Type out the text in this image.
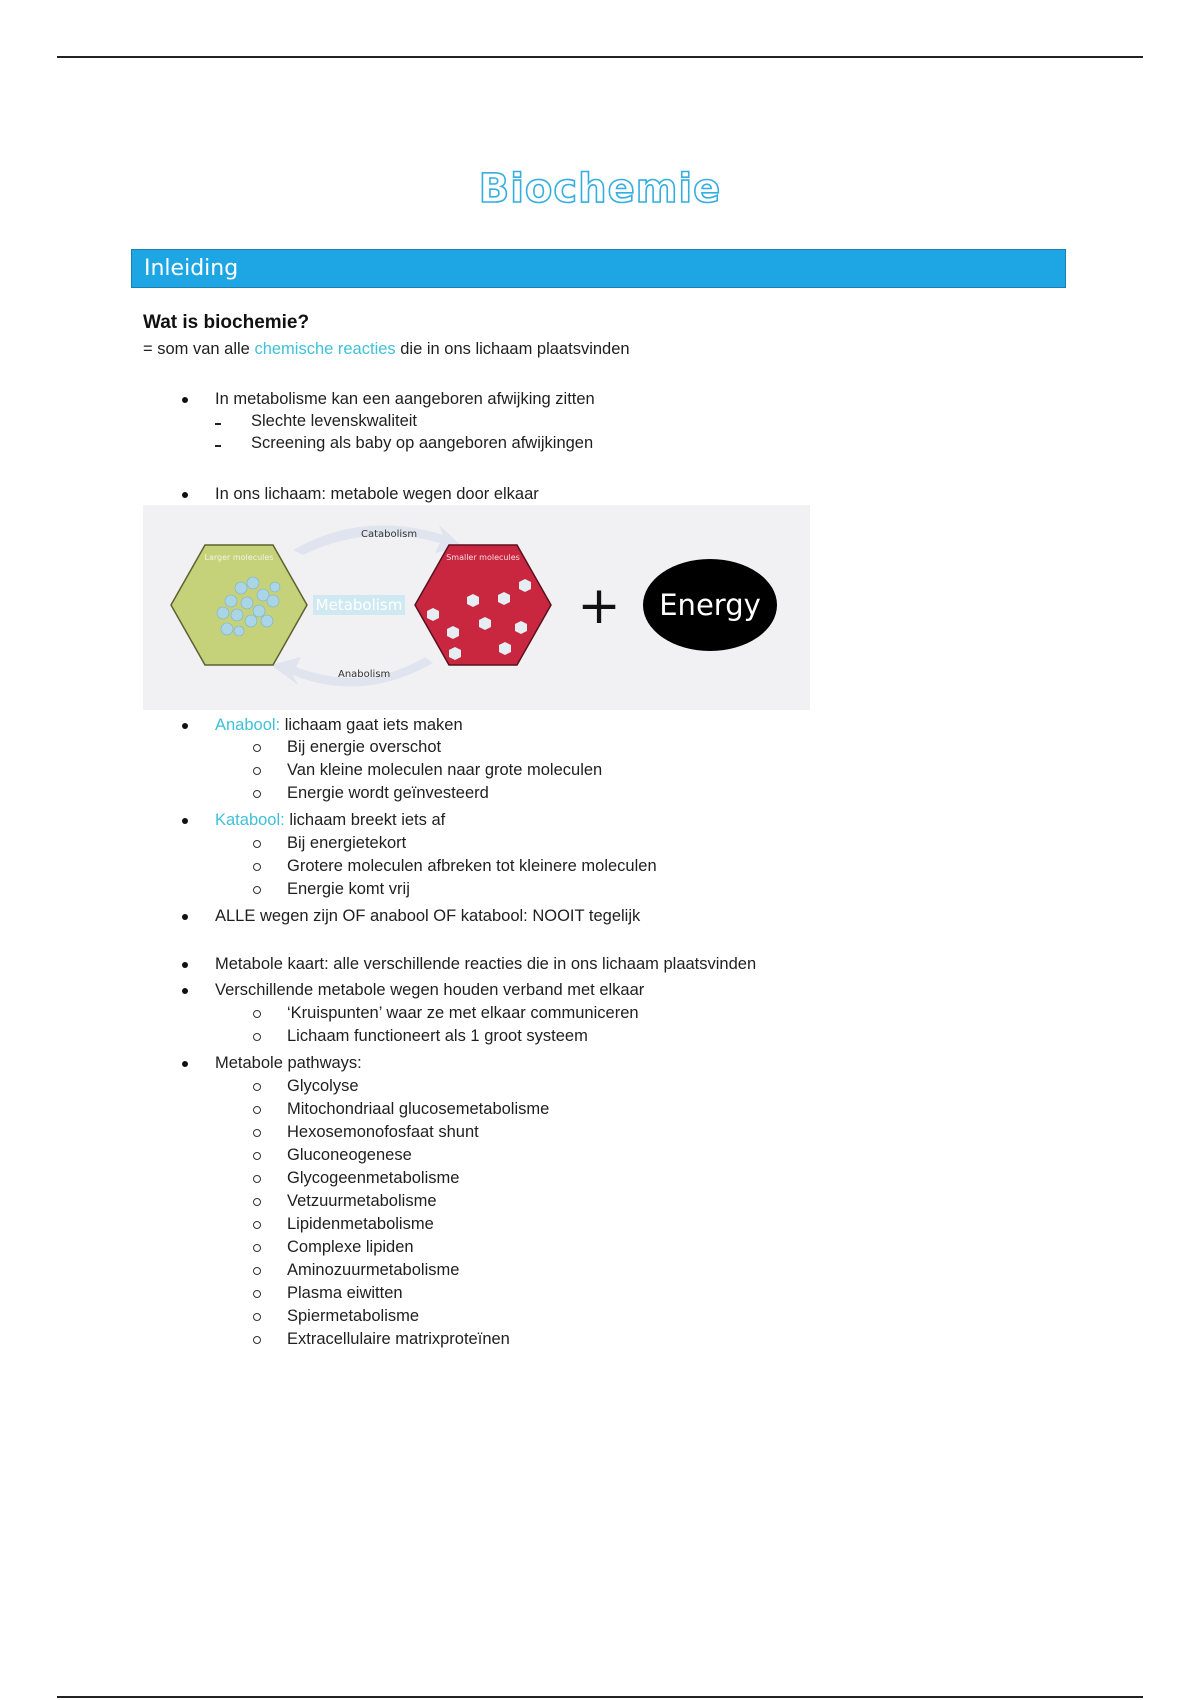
Biochemie
Inleiding
Wat is biochemie?
= som van alle chemische reacties die in ons lichaam plaatsvinden
In metabolisme kan een aangeboren afwijking zitten
Slechte levenskwaliteit
Screening als baby op aangeboren afwijkingen
In ons lichaam: metabole wegen door elkaar
Catabolism
Anabolism
Larger molecules
Metabolism
Smaller molecules
+ Energy
Anabool: lichaam gaat iets maken
Bij energie overschot
Van kleine moleculen naar grote moleculen
Energie wordt geïnvesteerd
Katabool: lichaam breekt iets af
Bij energietekort
Grotere moleculen afbreken tot kleinere moleculen
Energie komt vrij
ALLE wegen zijn OF anabool OF katabool: NOOIT tegelijk
Metabole kaart: alle verschillende reacties die in ons lichaam plaatsvinden
Verschillende metabole wegen houden verband met elkaar
‘Kruispunten’ waar ze met elkaar communiceren
Lichaam functioneert als 1 groot systeem
Metabole pathways:
Glycolyse
Mitochondriaal glucosemetabolisme
Hexosemonofosfaat shunt
Gluconeogenese
Glycogeenmetabolisme
Vetzuurmetabolisme
Lipidenmetabolisme
Complexe lipiden
Aminozuurmetabolisme
Plasma eiwitten
Spiermetabolisme
Extracellulaire matrixproteïnen
